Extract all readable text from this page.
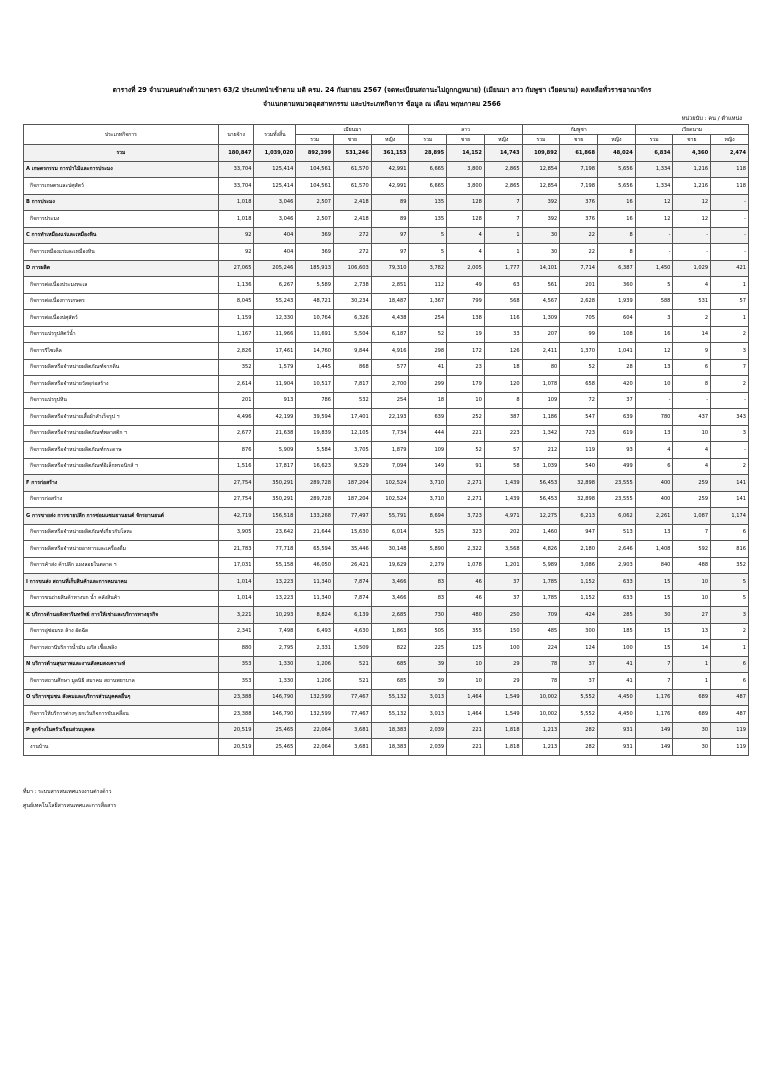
ตารางที่ 29 จำนวนคนต่างด้าวมาตรา 63/2 ประเภทนำเข้าตาม มติ ครม. 24 กันยายน 2567 (จดทะเบียนสถานะไม่ถูกกฎหมาย) (เมียนมา ลาว กัมพูชา เวียดนาม) คงเหลือทั่วราชอาณาจักร
จำแนกตามหมวดอุตสาหกรรม และประเภทกิจการ ข้อมูล ณ เดือน พฤษภาคม 2566
หน่วยนับ : คน / ตำแหน่ง
ประเภทกิจการ	นายจ้าง	รวมทั้งสิ้น	เมียนมา			ลาว			กัมพูชา			เวียดนาม		
			รวม	ชาย	หญิง	รวม	ชาย	หญิง	รวม	ชาย	หญิง	รวม	ชาย	หญิง
รวม	180,847	1,039,020	892,399	531,246	361,153	28,895	14,152	14,743	109,892	61,868	48,024	6,834	4,360	2,474
A เกษตรกรรม การป่าไม้และการประมง	33,704	125,414	104,561	61,570	42,991	6,665	3,800	2,865	12,854	7,198	5,656	1,334	1,216	118
กิจการเกษตรและปศุสัตว์	33,704	125,414	104,561	61,570	42,991	6,665	3,800	2,865	12,854	7,198	5,656	1,334	1,216	118
B การประมง	1,018	3,046	2,507	2,418	89	135	128	7	392	376	16	12	12	-
กิจการประมง	1,018	3,046	2,507	2,418	89	135	128	7	392	376	16	12	12	-
C การทำเหมืองแร่และเหมืองหิน	92	404	369	272	97	5	4	1	30	22	8	-	-	-
กิจการเหมืองแร่และเหมืองหิน	92	404	369	272	97	5	4	1	30	22	8	-	-	-
D การผลิต	27,065	205,246	185,913	106,603	79,310	3,782	2,005	1,777	14,101	7,714	6,387	1,450	1,029	421
กิจการต่อเนื่องประมงทะเล	1,136	6,267	5,589	2,738	2,851	112	49	63	561	201	360	5	4	1
กิจการต่อเนื่องการเกษตร	8,045	55,243	48,721	30,234	18,487	1,367	799	568	4,567	2,628	1,939	588	531	57
กิจการต่อเนื่องปศุสัตว์	1,159	12,330	10,764	6,326	4,438	254	138	116	1,309	705	604	3	2	1
กิจการแปรรูปสัตว์น้ำ	1,167	11,966	11,691	5,504	6,187	52	19	33	207	99	108	16	14	2
กิจการรีไซเคิล	2,826	17,461	14,760	9,844	4,916	298	172	126	2,411	1,370	1,041	12	9	3
กิจการผลิตหรือจำหน่ายผลิตภัณฑ์จากดิน	352	1,579	1,445	868	577	41	23	18	80	52	28	13	6	7
กิจการผลิตหรือจำหน่ายวัสดุก่อสร้าง	2,614	11,904	10,517	7,817	2,700	299	179	120	1,078	658	420	10	8	2
กิจการแปรรูปหิน	201	913	786	532	254	18	10	8	109	72	37	-	-	-
กิจการผลิตหรือจำหน่ายเสื้อผ้าสำเร็จรูป ฯ	4,496	42,199	39,594	17,401	22,193	639	252	387	1,186	547	639	780	437	343
กิจการผลิตหรือจำหน่ายผลิตภัณฑ์พลาสติก ฯ	2,677	21,638	19,839	12,105	7,734	444	221	223	1,342	723	619	13	10	3
กิจการผลิตหรือจำหน่ายผลิตภัณฑ์กระดาษ	876	5,909	5,584	3,705	1,879	109	52	57	212	119	93	4	4	-
กิจการผลิตหรือจำหน่ายผลิตภัณฑ์อิเล็กทรอนิกส์ ฯ	1,516	17,817	16,623	9,529	7,094	149	91	58	1,039	540	499	6	4	2
F การก่อสร้าง	27,754	350,291	289,728	187,204	102,524	3,710	2,271	1,439	56,453	32,898	23,555	400	259	141
กิจการก่อสร้าง	27,754	350,291	289,728	187,204	102,524	3,710	2,271	1,439	56,453	32,898	23,555	400	259	141
G การขายส่ง การขายปลีก การซ่อมแซมยานยนต์ จักรยานยนต์	42,719	156,518	133,268	77,497	55,791	8,694	3,723	4,971	12,275	6,213	6,062	2,261	1,087	1,174
กิจการผลิตหรือจำหน่ายผลิตภัณฑ์เกี่ยวกับโลหะ	3,905	23,642	21,644	15,630	6,014	525	323	202	1,460	947	513	13	7	6
กิจการผลิตหรือจำหน่ายอาหารและเครื่องดื่ม	21,783	77,718	65,594	35,446	30,148	5,890	2,322	3,568	4,826	2,180	2,646	1,408	592	816
กิจการค้าส่ง ค้าปลีก แผงลอยในตลาด ฯ	17,031	55,158	46,050	26,421	19,629	2,279	1,078	1,201	5,989	3,086	2,903	840	488	352
I การขนส่ง สถานที่เก็บสินค้าและการคมนาคม	1,014	13,223	11,340	7,874	3,466	83	46	37	1,785	1,152	633	15	10	5
กิจการขนถ่ายสินค้าทางบก น้ำ คลังสินค้า	1,014	13,223	11,340	7,874	3,466	83	46	37	1,785	1,152	633	15	10	5
K บริการด้านอสังหาริมทรัพย์ การให้เช่าและบริการทางธุรกิจ	3,221	10,293	8,824	6,139	2,685	730	480	250	709	424	285	30	27	3
กิจการอู่ซ่อมรถ ล้าง อัดฉีด	2,341	7,498	6,493	4,630	1,863	505	355	150	485	300	185	15	13	2
กิจการสถานีบริการน้ำมัน แก๊ส เชื้อเพลิง	880	2,795	2,331	1,509	822	225	125	100	224	124	100	15	14	1
N บริการด้านสุขภาพและงานสังคมสงเคราะห์	353	1,330	1,206	521	685	39	10	29	78	37	41	7	1	6
กิจการสถานศึกษา มูลนิธิ สมาคม สถานพยาบาล	353	1,330	1,206	521	685	39	10	29	78	37	41	7	1	6
O บริการชุมชน สังคมและบริการส่วนบุคคลอื่นๆ	23,388	146,790	132,599	77,467	55,132	3,013	1,464	1,549	10,002	5,552	4,450	1,176	689	487
กิจการให้บริการต่างๆ ยกเว้นกิจการขับเคลื่อน	23,388	146,790	132,599	77,467	55,132	3,013	1,464	1,549	10,002	5,552	4,450	1,176	689	487
P ลูกจ้างในครัวเรือนส่วนบุคคล	20,519	25,465	22,064	3,681	18,383	2,039	221	1,818	1,213	282	931	149	30	119
งานบ้าน	20,519	25,465	22,064	3,681	18,383	2,039	221	1,818	1,213	282	931	149	30	119
ที่มา : ระบบสารสนเทศแรงงานต่างด้าว
ศูนย์เทคโนโลยีสารสนเทศและการสื่อสาร
